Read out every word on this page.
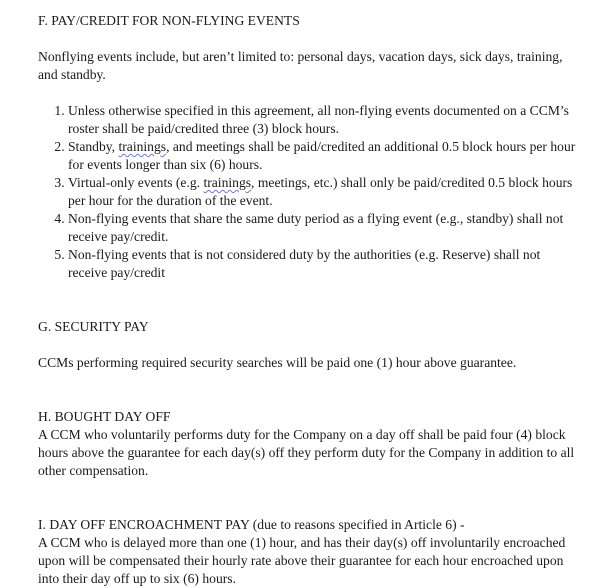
F. PAY/CREDIT FOR NON-FLYING EVENTS

Nonflying events include, but aren’t limited to: personal days, vacation days, sick days, training, and standby.

1. Unless otherwise specified in this agreement, all non-flying events documented on a CCM’s roster shall be paid/credited three (3) block hours.
2. Standby, trainings, and meetings shall be paid/credited an additional 0.5 block hours per hour for events longer than six (6) hours.
3. Virtual-only events (e.g. trainings, meetings, etc.) shall only be paid/credited 0.5 block hours per hour for the duration of the event.
4. Non-flying events that share the same duty period as a flying event (e.g., standby) shall not receive pay/credit.
5. Non-flying events that is not considered duty by the authorities (e.g. Reserve) shall not receive pay/credit
G. SECURITY PAY

CCMs performing required security searches will be paid one (1) hour above guarantee.

H. BOUGHT DAY OFF

A CCM who voluntarily performs duty for the Company on a day off shall be paid four (4) block hours above the guarantee for each day(s) off they perform duty for the Company in addition to all other compensation.

I. DAY OFF ENCROACHMENT PAY (due to reasons specified in Article 6) -

A CCM who is delayed more than one (1) hour, and has their day(s) off involuntarily encroached upon will be compensated their hourly rate above their guarantee for each hour encroached upon into their day off up to six (6) hours.
